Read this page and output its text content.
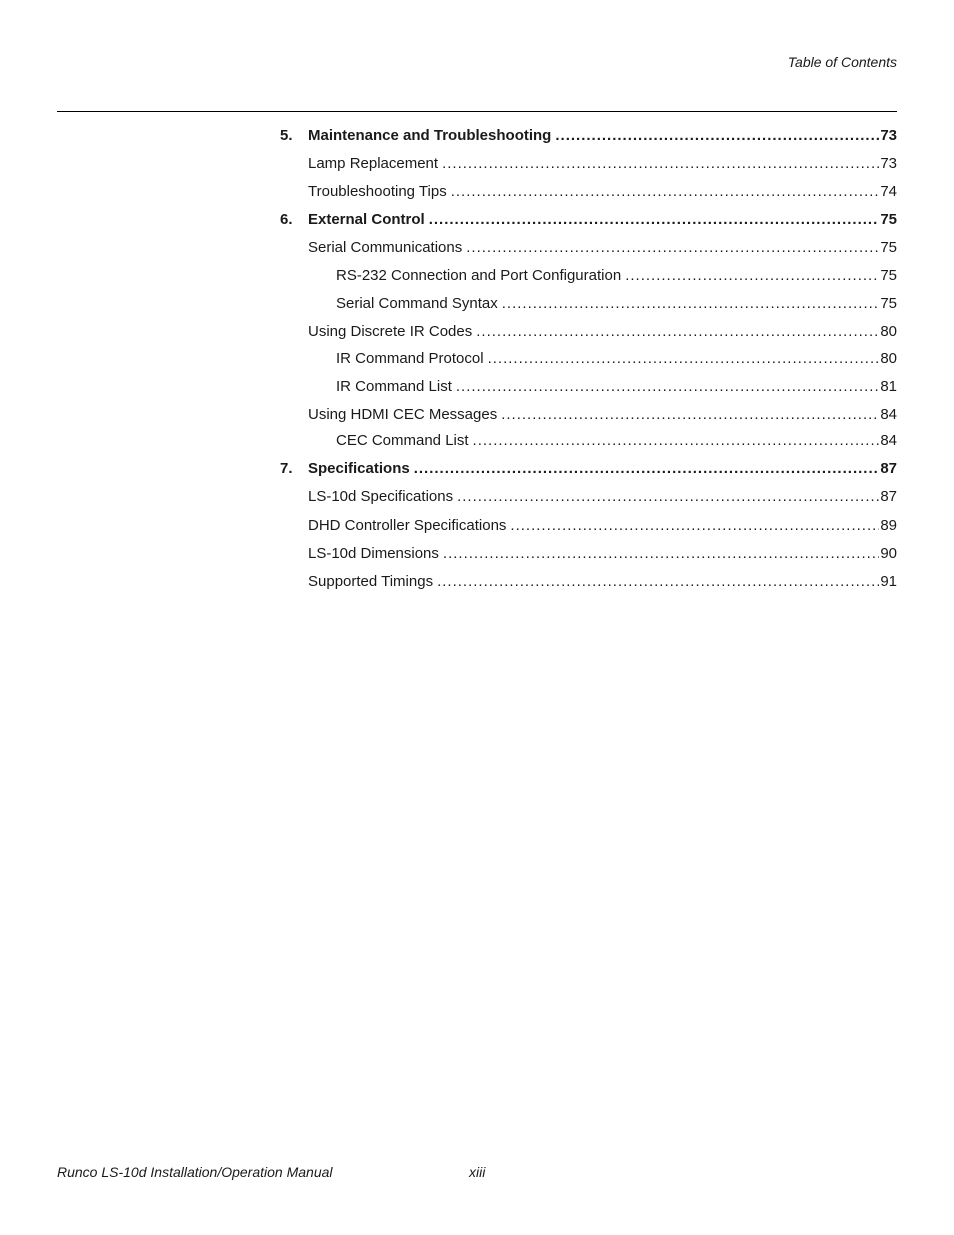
Table of Contents
5. Maintenance and Troubleshooting .....	73
Lamp Replacement .....	73
Troubleshooting Tips .....	74
6. External Control .....	75
Serial Communications .....	75
RS-232 Connection and Port Configuration .....	75
Serial Command Syntax .....	75
Using Discrete IR Codes .....	80
IR Command Protocol .....	80
IR Command List .....	81
Using HDMI CEC Messages .....	84
CEC Command List .....	84
7. Specifications .....	87
LS-10d Specifications .....	87
DHD Controller Specifications .....	89
LS-10d Dimensions .....	90
Supported Timings .....	91
Runco LS-10d Installation/Operation Manual	xiii
